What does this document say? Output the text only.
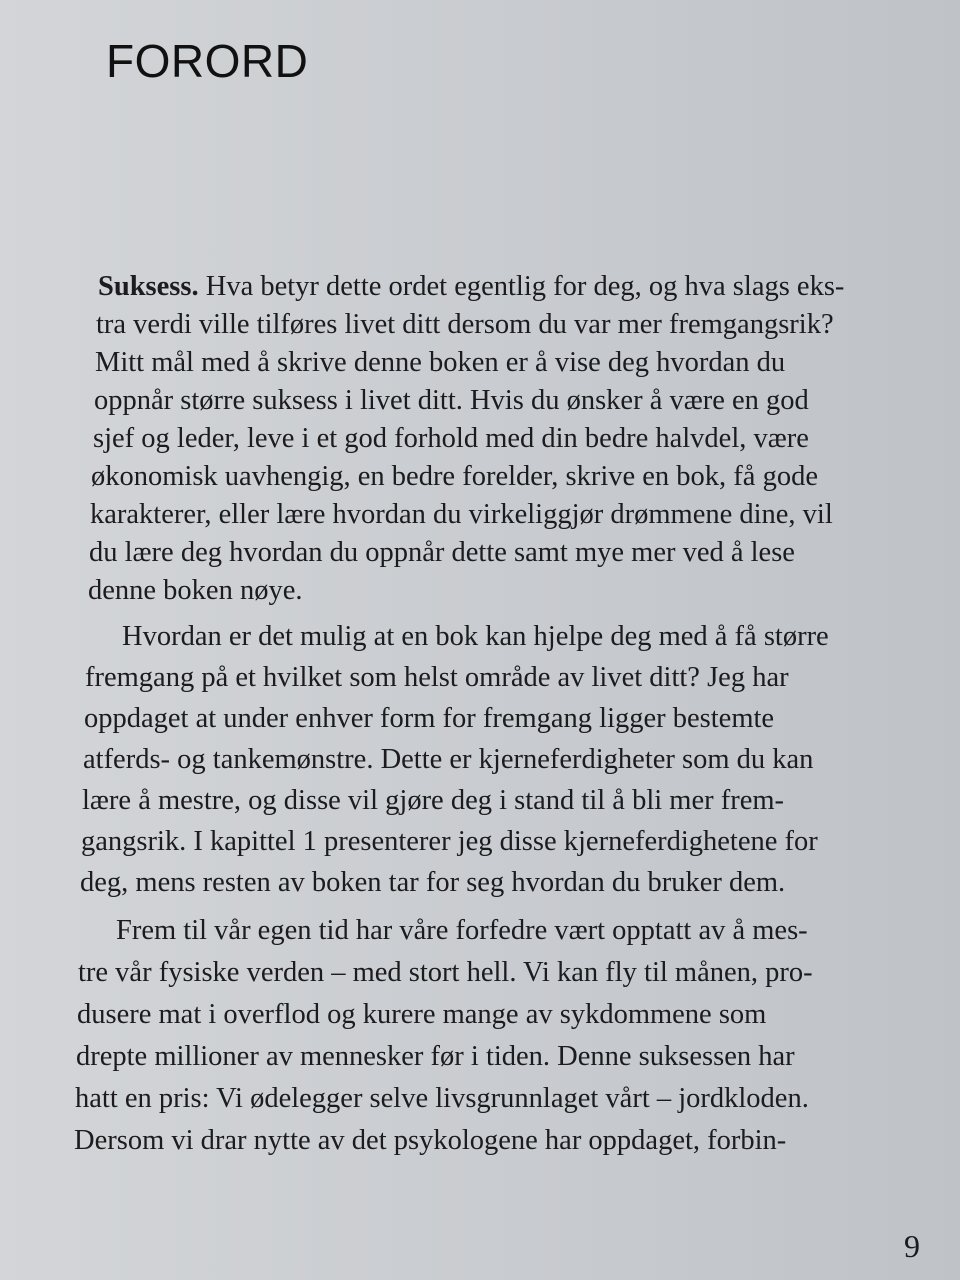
FORORD
Suksess. Hva betyr dette ordet egentlig for deg, og hva slags eks-
tra verdi ville tilføres livet ditt dersom du var mer fremgangsrik?
Mitt mål med å skrive denne boken er å vise deg hvordan du
oppnår større suksess i livet ditt. Hvis du ønsker å være en god
sjef og leder, leve i et god forhold med din bedre halvdel, være
økonomisk uavhengig, en bedre forelder, skrive en bok, få gode
karakterer, eller lære hvordan du virkeliggjør drømmene dine, vil
du lære deg hvordan du oppnår dette samt mye mer ved å lese
denne boken nøye.
Hvordan er det mulig at en bok kan hjelpe deg med å få større
fremgang på et hvilket som helst område av livet ditt? Jeg har
oppdaget at under enhver form for fremgang ligger bestemte
atferds- og tankemønstre. Dette er kjerneferdigheter som du kan
lære å mestre, og disse vil gjøre deg i stand til å bli mer frem-
gangsrik. I kapittel 1 presenterer jeg disse kjerneferdighetene for
deg, mens resten av boken tar for seg hvordan du bruker dem.
Frem til vår egen tid har våre forfedre vært opptatt av å mes-
tre vår fysiske verden – med stort hell. Vi kan fly til månen, pro-
dusere mat i overflod og kurere mange av sykdommene som
drepte millioner av mennesker før i tiden. Denne suksessen har
hatt en pris: Vi ødelegger selve livsgrunnlaget vårt – jordkloden.
Dersom vi drar nytte av det psykologene har oppdaget, forbin-
9
